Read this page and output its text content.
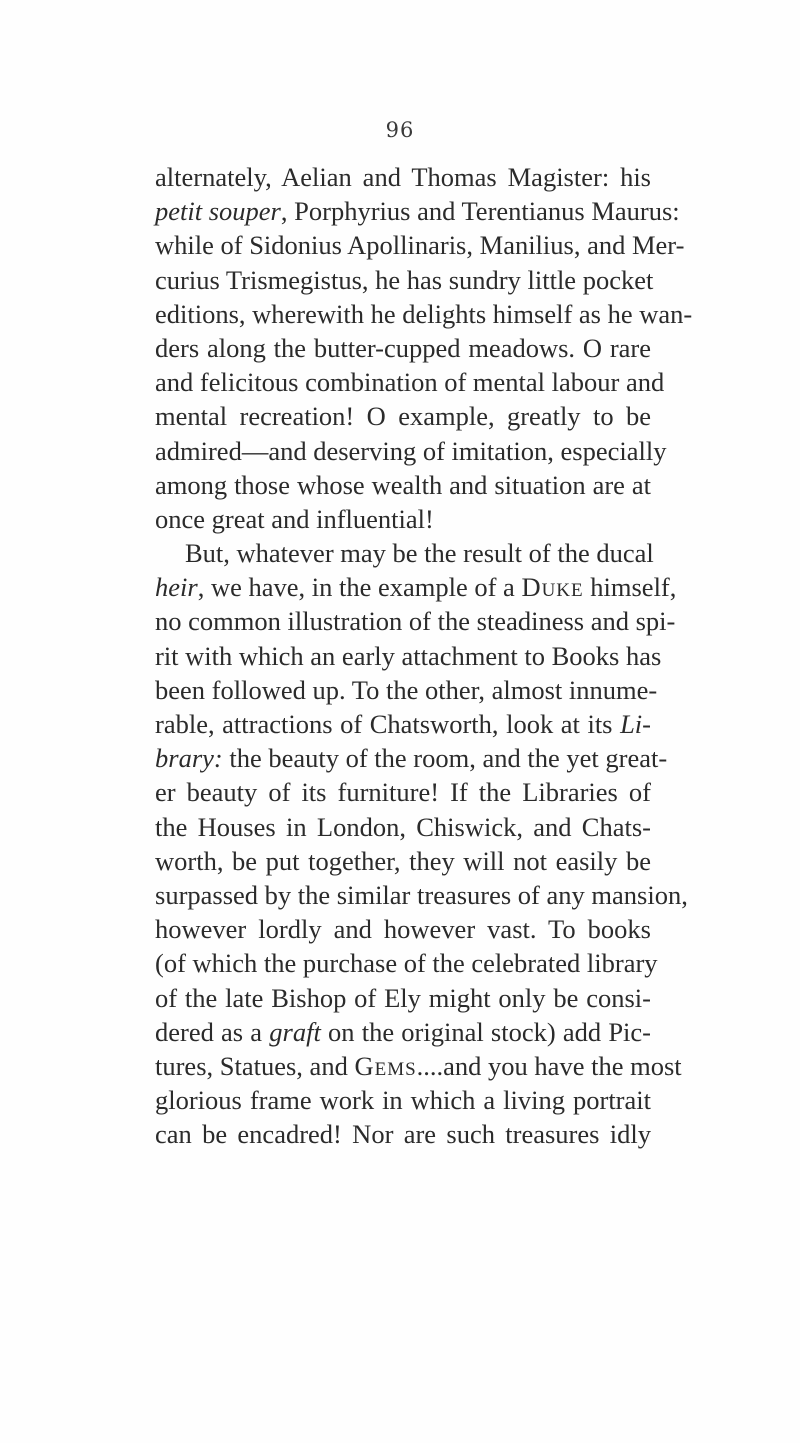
96
alternately, Aelian and Thomas Magister: his
petit souper, Porphyrius and Terentianus Maurus:
while of Sidonius Apollinaris, Manilius, and Mer-
curius Trismegistus, he has sundry little pocket
editions, wherewith he delights himself as he wan-
ders along the butter-cupped meadows. O rare
and felicitous combination of mental labour and
mental recreation! O example, greatly to be
admired—and deserving of imitation, especially
among those whose wealth and situation are at
once great and influential!
But, whatever may be the result of the ducal
heir, we have, in the example of a Duke himself,
no common illustration of the steadiness and spi-
rit with which an early attachment to Books has
been followed up. To the other, almost innume-
rable, attractions of Chatsworth, look at its Li-
brary: the beauty of the room, and the yet great-
er beauty of its furniture! If the Libraries of
the Houses in London, Chiswick, and Chats-
worth, be put together, they will not easily be
surpassed by the similar treasures of any mansion,
however lordly and however vast. To books
(of which the purchase of the celebrated library
of the late Bishop of Ely might only be consi-
dered as a graft on the original stock) add Pic-
tures, Statues, and Gems....and you have the most
glorious frame work in which a living portrait
can be encadred! Nor are such treasures idly
